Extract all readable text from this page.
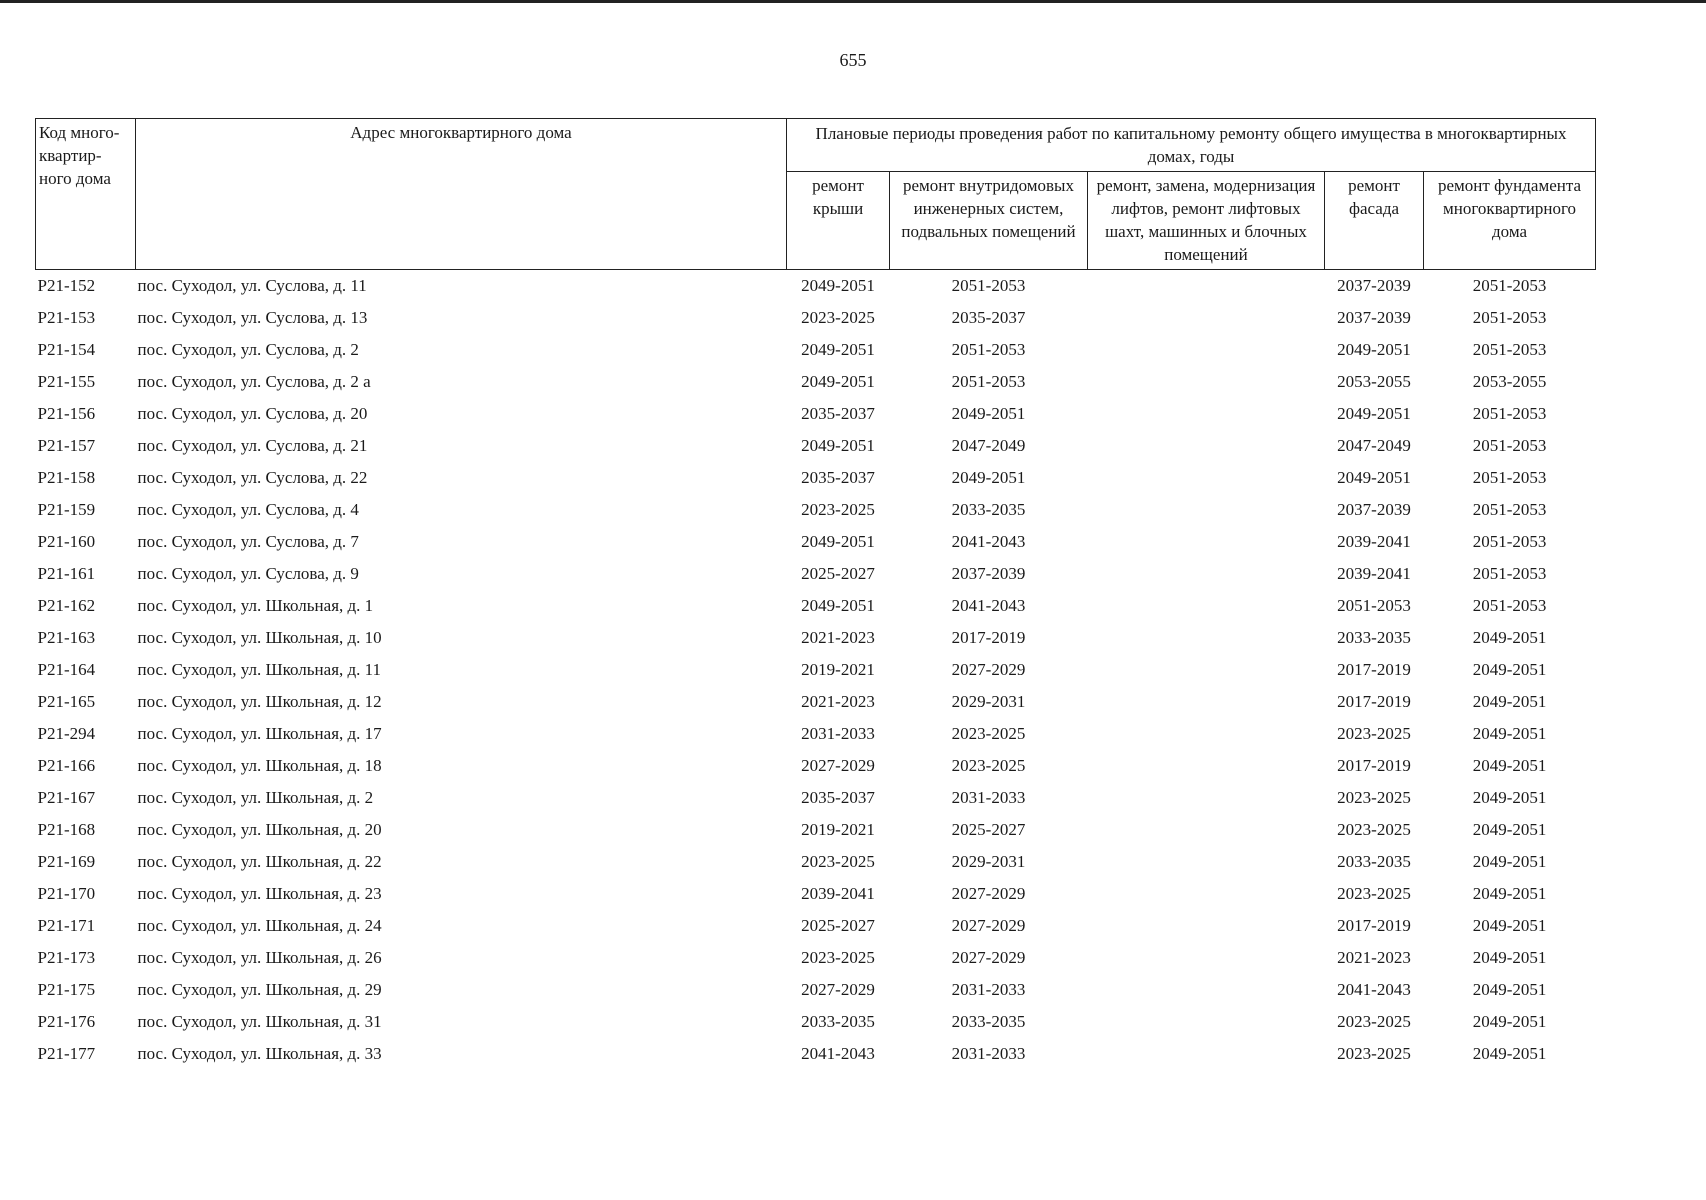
655
Код много-квартир-ного дома	Адрес многоквартирного дома	Плановые периоды проведения работ по капитальному ремонту общего имущества в многоквартирных домах, годы				
		ремонт крыши	ремонт внутридомовых инженерных систем, подвальных помещений	ремонт, замена, модернизация лифтов, ремонт лифтовых шахт, машинных и блочных помещений	ремонт фасада	ремонт фундамента многоквартирного дома
Р21-152	пос. Суходол, ул. Суслова, д. 11	2049-2051	2051-2053		2037-2039	2051-2053
Р21-153	пос. Суходол, ул. Суслова, д. 13	2023-2025	2035-2037		2037-2039	2051-2053
Р21-154	пос. Суходол, ул. Суслова, д. 2	2049-2051	2051-2053		2049-2051	2051-2053
Р21-155	пос. Суходол, ул. Суслова, д. 2 а	2049-2051	2051-2053		2053-2055	2053-2055
Р21-156	пос. Суходол, ул. Суслова, д. 20	2035-2037	2049-2051		2049-2051	2051-2053
Р21-157	пос. Суходол, ул. Суслова, д. 21	2049-2051	2047-2049		2047-2049	2051-2053
Р21-158	пос. Суходол, ул. Суслова, д. 22	2035-2037	2049-2051		2049-2051	2051-2053
Р21-159	пос. Суходол, ул. Суслова, д. 4	2023-2025	2033-2035		2037-2039	2051-2053
Р21-160	пос. Суходол, ул. Суслова, д. 7	2049-2051	2041-2043		2039-2041	2051-2053
Р21-161	пос. Суходол, ул. Суслова, д. 9	2025-2027	2037-2039		2039-2041	2051-2053
Р21-162	пос. Суходол, ул. Школьная, д. 1	2049-2051	2041-2043		2051-2053	2051-2053
Р21-163	пос. Суходол, ул. Школьная, д. 10	2021-2023	2017-2019		2033-2035	2049-2051
Р21-164	пос. Суходол, ул. Школьная, д. 11	2019-2021	2027-2029		2017-2019	2049-2051
Р21-165	пос. Суходол, ул. Школьная, д. 12	2021-2023	2029-2031		2017-2019	2049-2051
Р21-294	пос. Суходол, ул. Школьная, д. 17	2031-2033	2023-2025		2023-2025	2049-2051
Р21-166	пос. Суходол, ул. Школьная, д. 18	2027-2029	2023-2025		2017-2019	2049-2051
Р21-167	пос. Суходол, ул. Школьная, д. 2	2035-2037	2031-2033		2023-2025	2049-2051
Р21-168	пос. Суходол, ул. Школьная, д. 20	2019-2021	2025-2027		2023-2025	2049-2051
Р21-169	пос. Суходол, ул. Школьная, д. 22	2023-2025	2029-2031		2033-2035	2049-2051
Р21-170	пос. Суходол, ул. Школьная, д. 23	2039-2041	2027-2029		2023-2025	2049-2051
Р21-171	пос. Суходол, ул. Школьная, д. 24	2025-2027	2027-2029		2017-2019	2049-2051
Р21-173	пос. Суходол, ул. Школьная, д. 26	2023-2025	2027-2029		2021-2023	2049-2051
Р21-175	пос. Суходол, ул. Школьная, д. 29	2027-2029	2031-2033		2041-2043	2049-2051
Р21-176	пос. Суходол, ул. Школьная, д. 31	2033-2035	2033-2035		2023-2025	2049-2051
Р21-177	пос. Суходол, ул. Школьная, д. 33	2041-2043	2031-2033		2023-2025	2049-2051
